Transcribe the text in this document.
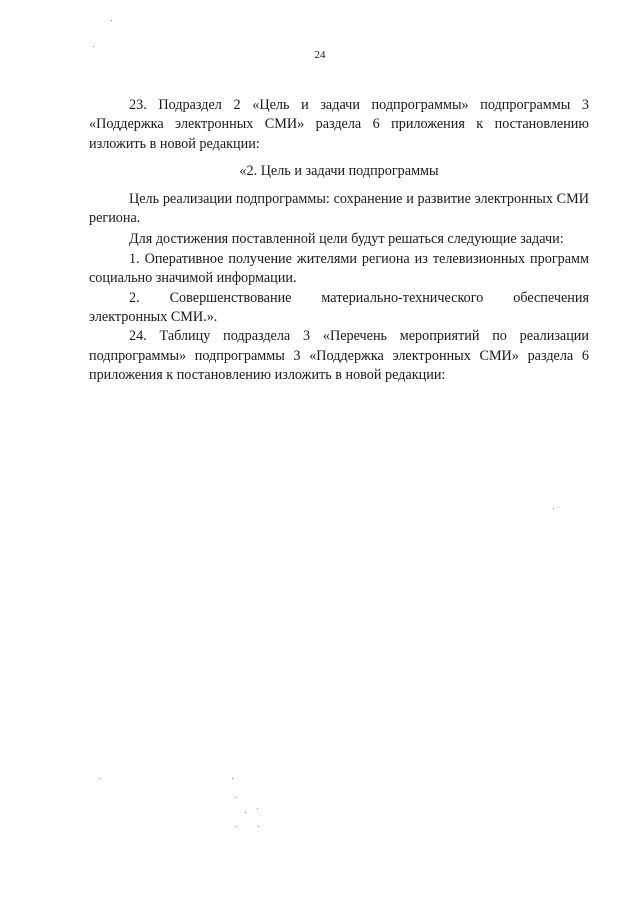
24

23. Подраздел 2 «Цель и задачи подпрограммы» подпрограммы 3 «Поддержка электронных СМИ» раздела 6 приложения к постановлению изложить в новой редакции:

«2. Цель и задачи подпрограммы

Цель реализации подпрограммы: сохранение и развитие электронных СМИ региона.

Для достижения поставленной цели будут решаться следующие задачи:

1. Оперативное получение жителями региона из телевизионных программ социально значимой информации.

2. Совершенствование материально-технического обеспечения электронных СМИ.».

24. Таблицу подраздела 3 «Перечень мероприятий по реализации подпрограммы» подпрограммы 3 «Поддержка электронных СМИ» раздела 6 приложения к постановлению изложить в новой редакции:
